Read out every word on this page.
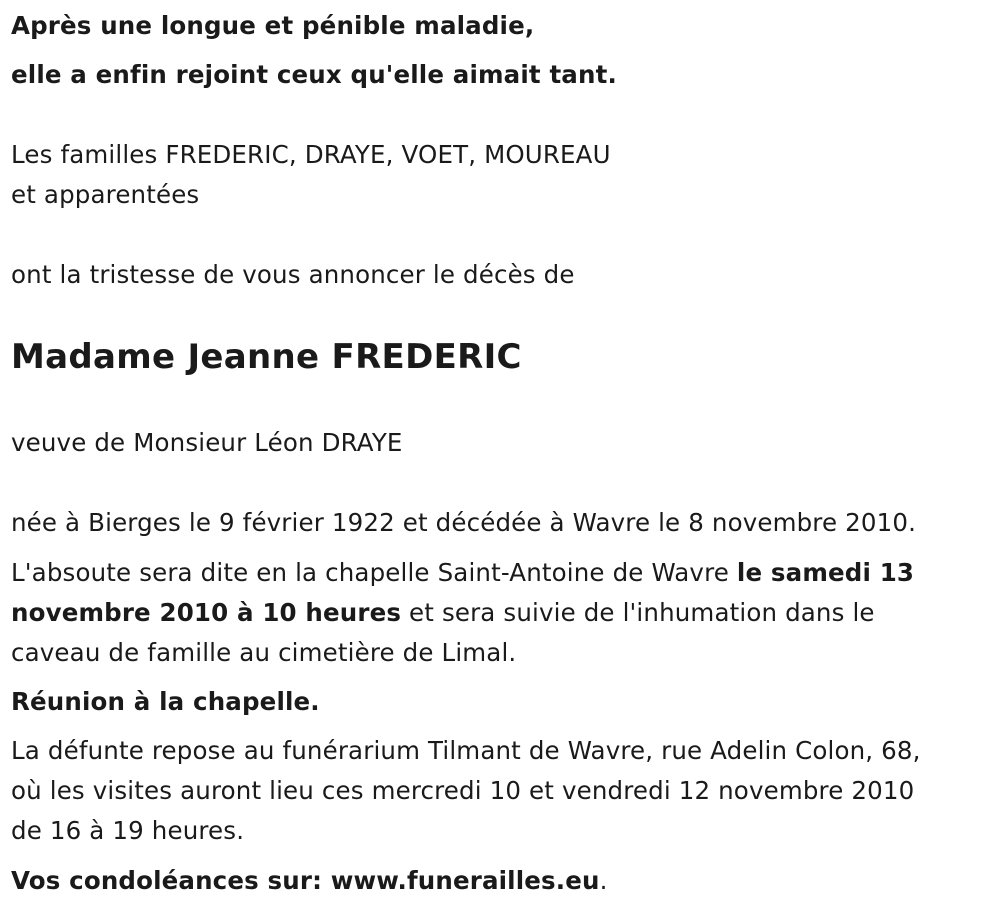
Après une longue et pénible maladie,
elle a enfin rejoint ceux qu'elle aimait tant.
Les familles FREDERIC, DRAYE, VOET, MOUREAU
et apparentées
ont la tristesse de vous annoncer le décès de
Madame Jeanne FREDERIC
veuve de Monsieur Léon DRAYE
née à Bierges le 9 février 1922 et décédée à Wavre le 8 novembre 2010.
L'absoute sera dite en la chapelle Saint-Antoine de Wavre le samedi 13
novembre 2010 à 10 heures et sera suivie de l'inhumation dans le
caveau de famille au cimetière de Limal.
Réunion à la chapelle.
La défunte repose au funérarium Tilmant de Wavre, rue Adelin Colon, 68,
où les visites auront lieu ces mercredi 10 et vendredi 12 novembre 2010
de 16 à 19 heures.
Vos condoléances sur: www.funerailles.eu.
